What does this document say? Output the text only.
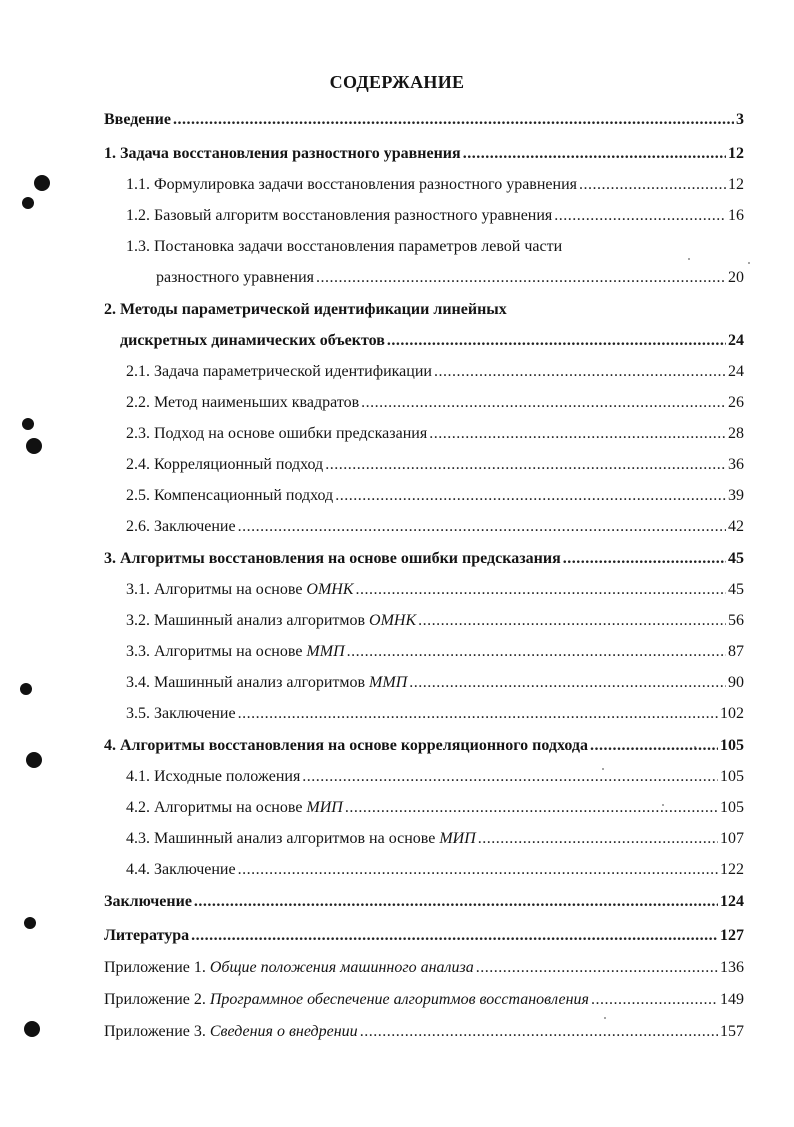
СОДЕРЖАНИЕ
Введение .....	3
1. Задача восстановления разностного уравнения .....	12
1.1. Формулировка задачи восстановления разностного уравнения .....	12
1.2. Базовый алгоритм восстановления разностного уравнения .....	16
1.3. Постановка задачи восстановления параметров левой части
разностного уравнения .....	20
2. Методы параметрической идентификации линейных
дискретных динамических объектов .....	24
2.1. Задача параметрической идентификации .....	24
2.2. Метод наименьших квадратов .....	26
2.3. Подход на основе ошибки предсказания .....	28
2.4. Корреляционный подход .....	36
2.5. Компенсационный подход .....	39
2.6. Заключение .....	42
3. Алгоритмы восстановления на основе ошибки предсказания .....	45
3.1. Алгоритмы на основе ОМНК .....	45
3.2. Машинный анализ алгоритмов ОМНК .....	56
3.3. Алгоритмы на основе ММП .....	87
3.4. Машинный анализ алгоритмов ММП .....	90
3.5. Заключение .....	102
4. Алгоритмы восстановления на основе корреляционного подхода .....	105
4.1. Исходные положения .....	105
4.2. Алгоритмы на основе МИП .....	105
4.3. Машинный анализ алгоритмов на основе МИП .....	107
4.4. Заключение .....	122
Заключение .....	124
Литература .....	127
Приложение 1. Общие положения машинного анализа .....	136
Приложение 2. Программное обеспечение алгоритмов восстановления .....	149
Приложение 3. Сведения о внедрении .....	157
